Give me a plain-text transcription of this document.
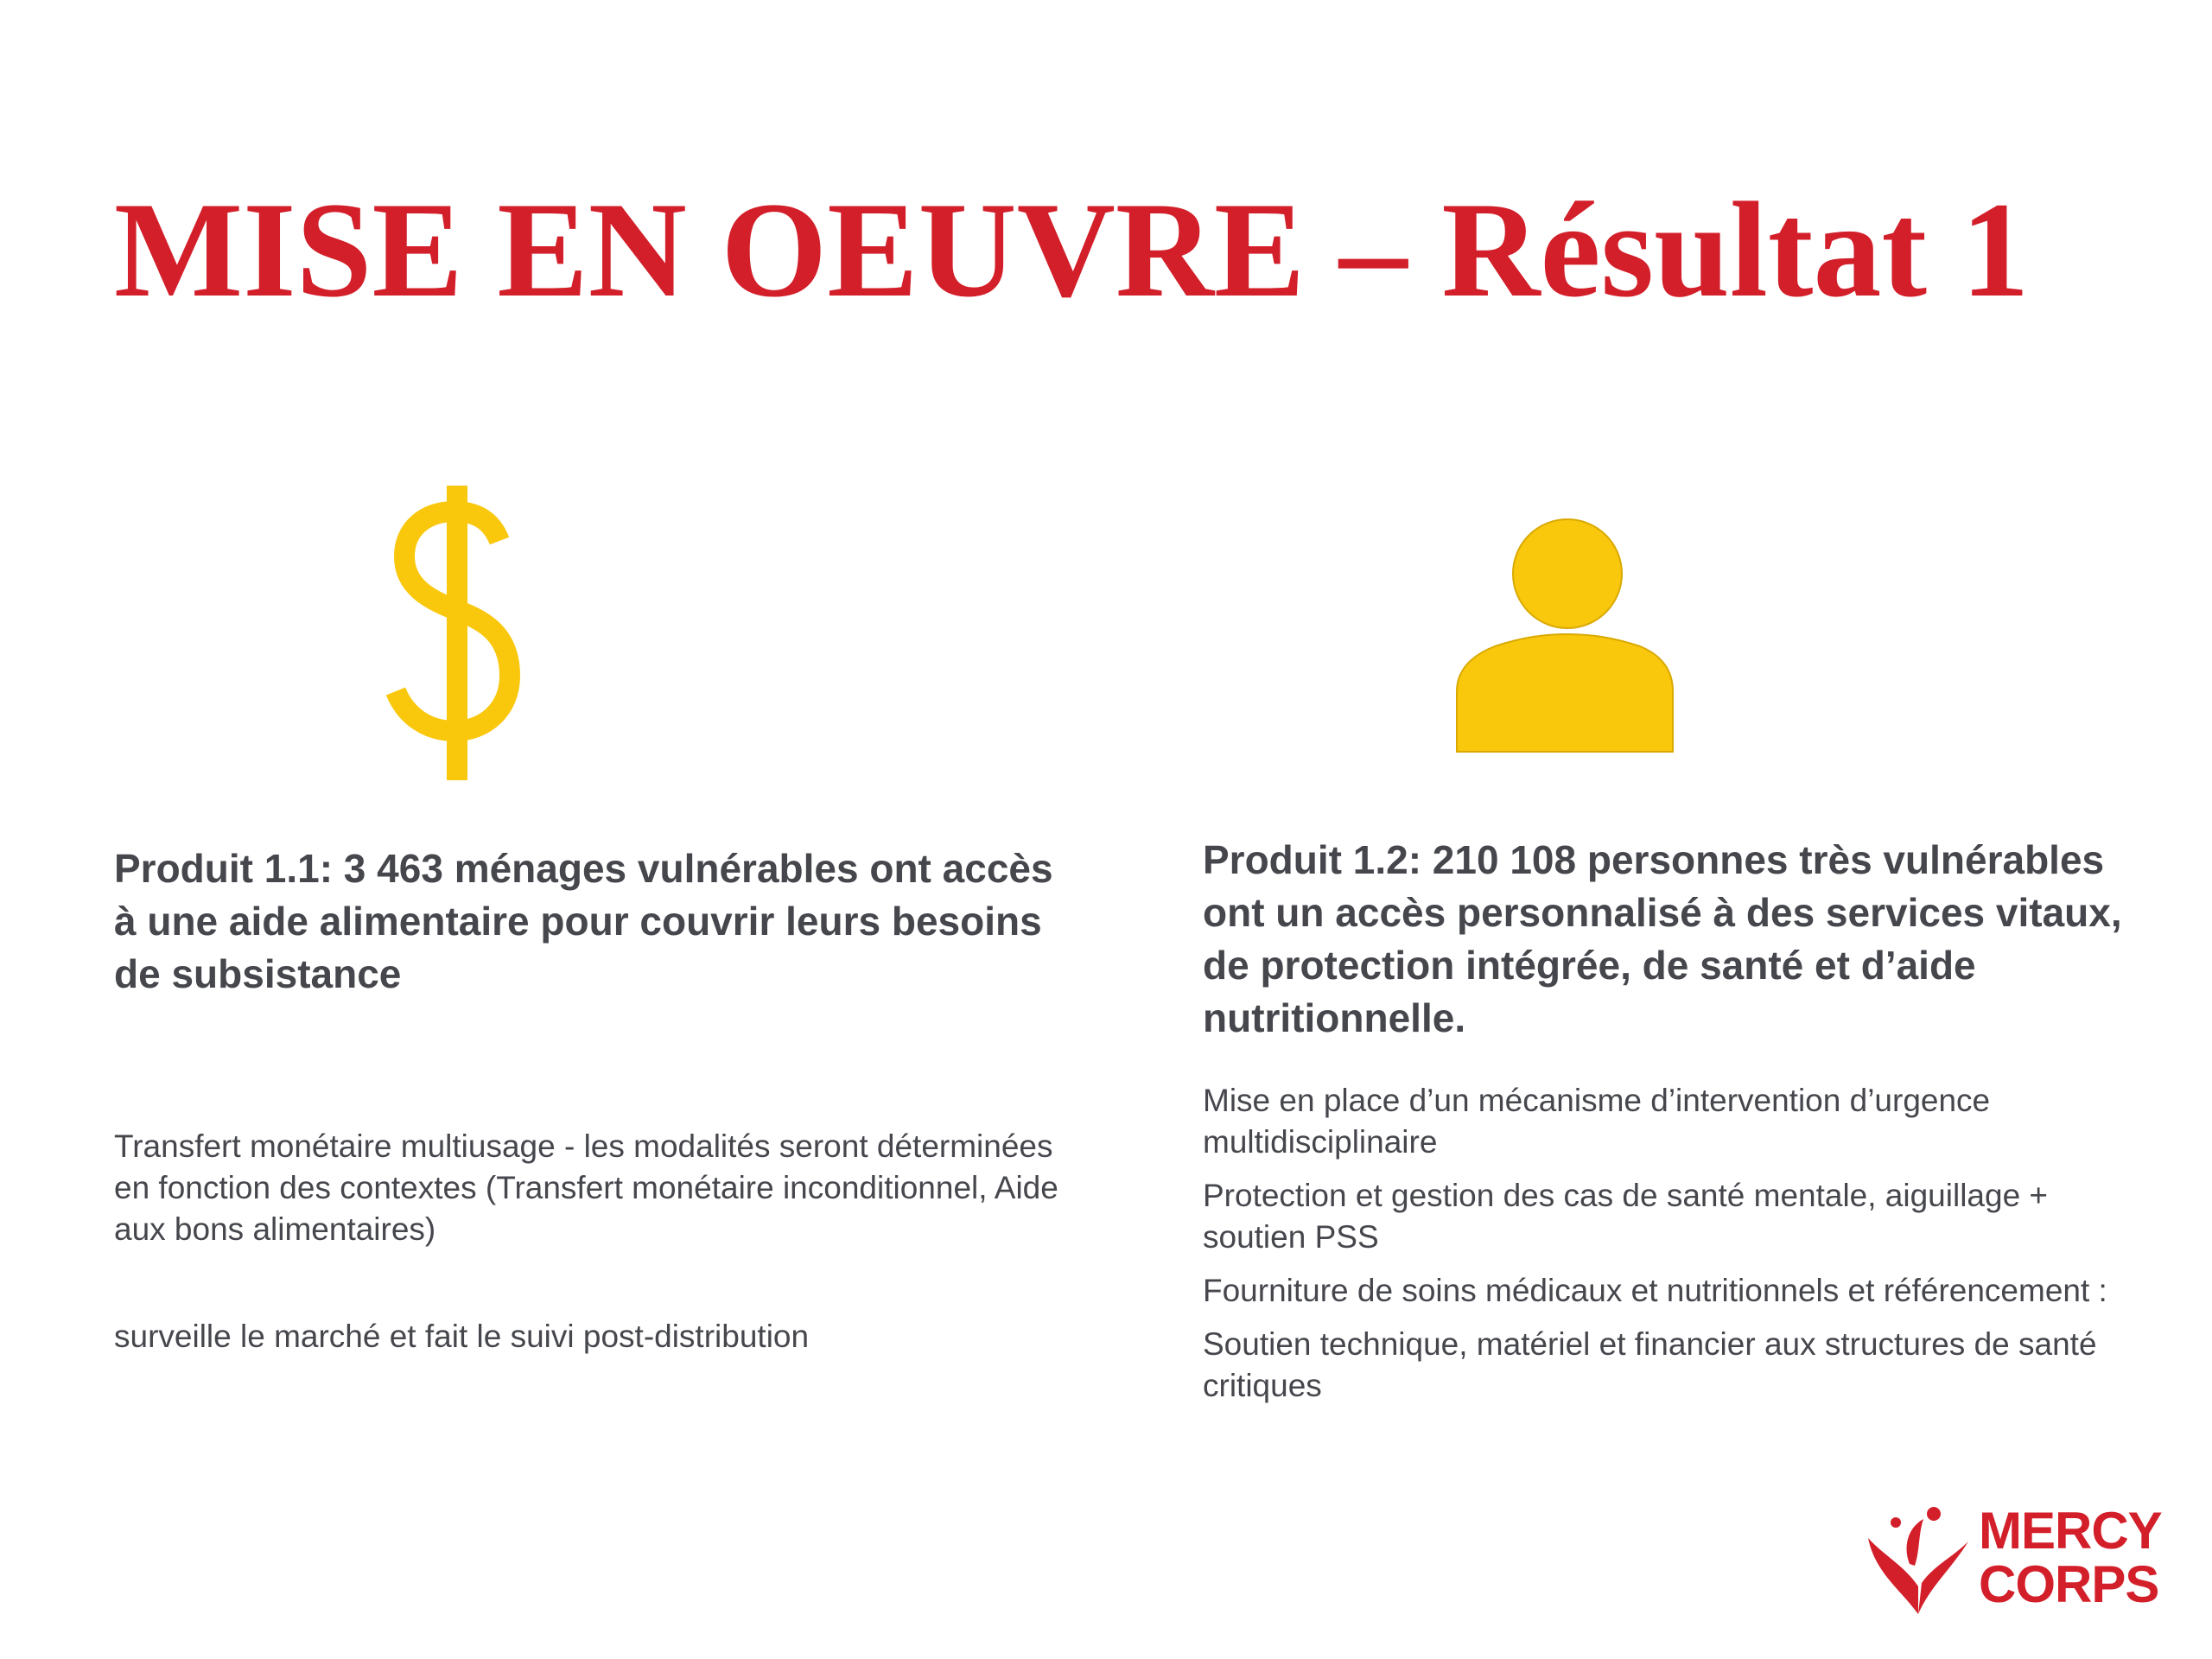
MISE EN OEUVRE – Résultat 1

Produit 1.1: 3 463 ménages vulnérables ont accès à une aide alimentaire pour couvrir leurs besoins de subsistance

Transfert monétaire multiusage - les modalités seront déterminées en fonction des contextes (Transfert monétaire inconditionnel, Aide aux bons alimentaires)

surveille le marché et fait le suivi post-distribution

Produit 1.2: 210 108 personnes très vulnérables ont un accès personnalisé à des services vitaux, de protection intégrée, de santé et d’aide nutritionnelle.

Mise en place d’un mécanisme d’intervention d’urgence multidisciplinaire

Protection et gestion des cas de santé mentale, aiguillage + soutien PSS

Fourniture de soins médicaux et nutritionnels et référencement :

Soutien technique, matériel et financier aux structures de santé critiques

MERCY
CORPS
